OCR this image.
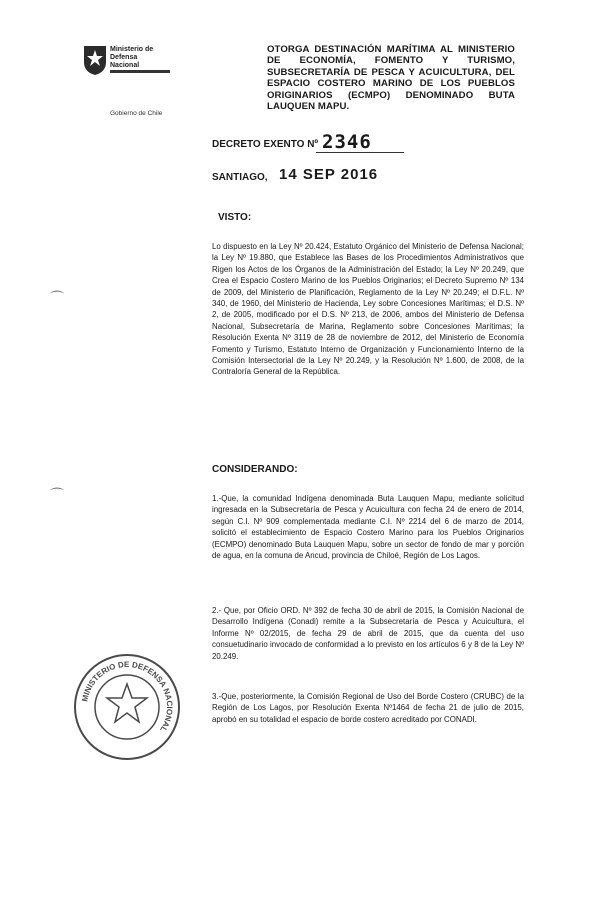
Ministerio de
Defensa
Nacional
Gobierno de Chile
OTORGA DESTINACIÓN MARÍTIMA AL MINISTERIO DE ECONOMÍA, FOMENTO Y TURISMO, SUBSECRETARÍA DE PESCA Y ACUICULTURA, DEL ESPACIO COSTERO MARINO DE LOS PUEBLOS ORIGINARIOS (ECMPO) DENOMINADO BUTA LAUQUEN MAPU.
DECRETO EXENTO Nº 2346
SANTIAGO, 14 SEP 2016
VISTO:
Lo dispuesto en la Ley Nº 20.424, Estatuto Orgánico del Ministerio de Defensa Nacional; la Ley Nº 19.880, que Establece las Bases de los Procedimientos Administrativos que Rigen los Actos de los Órganos de la Administración del Estado; la Ley Nº 20.249, que Crea el Espacio Costero Marino de los Pueblos Originarios; el Decreto Supremo Nº 134 de 2009, del Ministerio de Planificación, Reglamento de la Ley Nº 20.249; el D.F.L. Nº 340, de 1960, del Ministerio de Hacienda, Ley sobre Concesiones Marítimas; el D.S. Nº 2, de 2005, modificado por el D.S. Nº 213, de 2006, ambos del Ministerio de Defensa Nacional, Subsecretaría de Marina, Reglamento sobre Concesiones Marítimas; la Resolución Exenta Nº 3119 de 28 de noviembre de 2012, del Ministerio de Economía Fomento y Turismo, Estatuto Interno de Organización y Funcionamiento Interno de la Comisión Intersectorial de la Ley Nº 20.249, y la Resolución Nº 1.600, de 2008, de la Contraloría General de la República.
CONSIDERANDO:
1.-Que, la comunidad Indígena denominada Buta Lauquen Mapu, mediante solicitud ingresada en la Subsecretaría de Pesca y Acuicultura con fecha 24 de enero de 2014, según C.I. Nº 909 complementada mediante C.I. Nº 2214 del 6 de marzo de 2014, solicitó el establecimiento de Espacio Costero Marino para los Pueblos Originarios (ECMPO) denominado Buta Lauquen Mapu, sobre un sector de fondo de mar y porción de agua, en la comuna de Ancud, provincia de Chiloé, Región de Los Lagos.
2.- Que, por Oficio ORD. Nº 392 de fecha 30 de abril de 2015, la Comisión Nacional de Desarrollo Indígena (Conadi) remite a la Subsecretaría de Pesca y Acuicultura, el Informe Nº 02/2015, de fecha 29 de abril de 2015, que da cuenta del uso consuetudinario invocado de conformidad a lo previsto en los artículos 6 y 8 de la Ley Nº 20.249.
3.-Que, posteriormente, la Comisión Regional de Uso del Borde Costero (CRUBC) de la Región de Los Lagos, por Resolución Exenta Nº1464 de fecha 21 de julio de 2015, aprobó en su totalidad el espacio de borde costero acreditado por CONADI.
⌒
⌒
MINISTERIO DE DEFENSA NACIONAL
